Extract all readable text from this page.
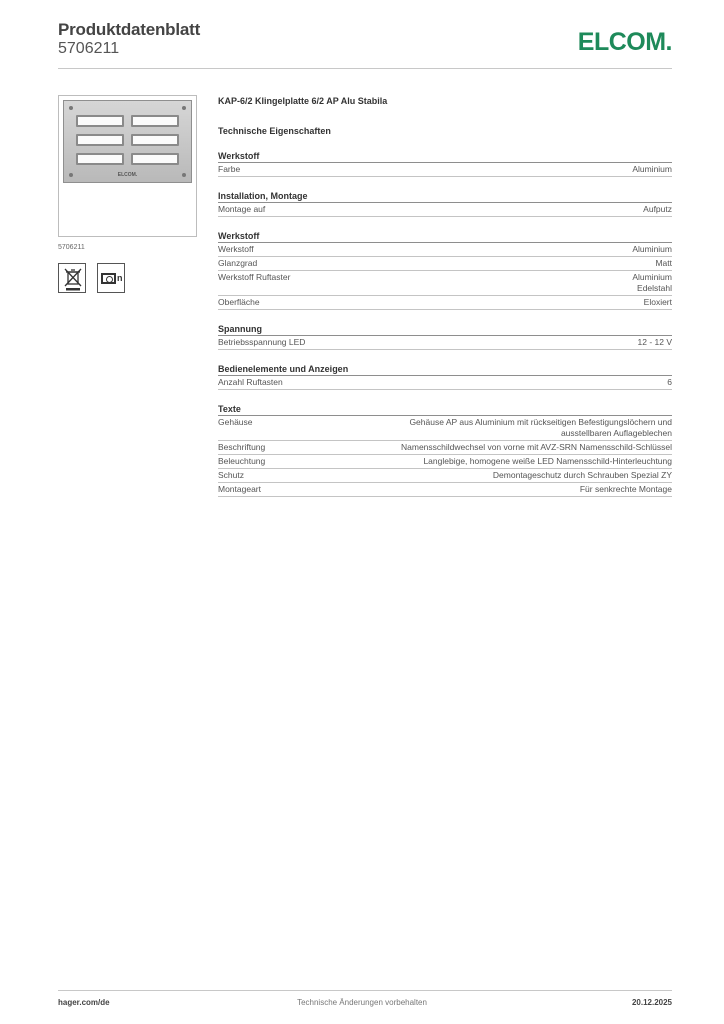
Produktdatenblatt
5706211	ELCOM.
ELCOM.
5706211
n
KAP-6/2 Klingelplatte 6/2 AP Alu Stabila
Technische Eigenschaften
Werkstoff
Farbe	Aluminium
Installation, Montage
Montage auf	Aufputz
Werkstoff
Werkstoff	Aluminium
Glanzgrad	Matt
Werkstoff Ruftaster	Aluminium
Edelstahl
Oberfläche	Eloxiert
Spannung
Betriebsspannung LED	12 - 12 V
Bedienelemente und Anzeigen
Anzahl Ruftasten	6
Texte
Gehäuse	Gehäuse AP aus Aluminium mit rückseitigen Befestigungslöchern und
ausstellbaren Auflageblechen
Beschriftung	Namensschildwechsel von vorne mit AVZ-SRN Namensschild-Schlüssel
Beleuchtung	Langlebige, homogene weiße LED Namensschild-Hinterleuchtung
Schutz	Demontageschutz durch Schrauben Spezial ZY
Montageart	Für senkrechte Montage
hager.com/de	Technische Änderungen vorbehalten	20.12.2025
